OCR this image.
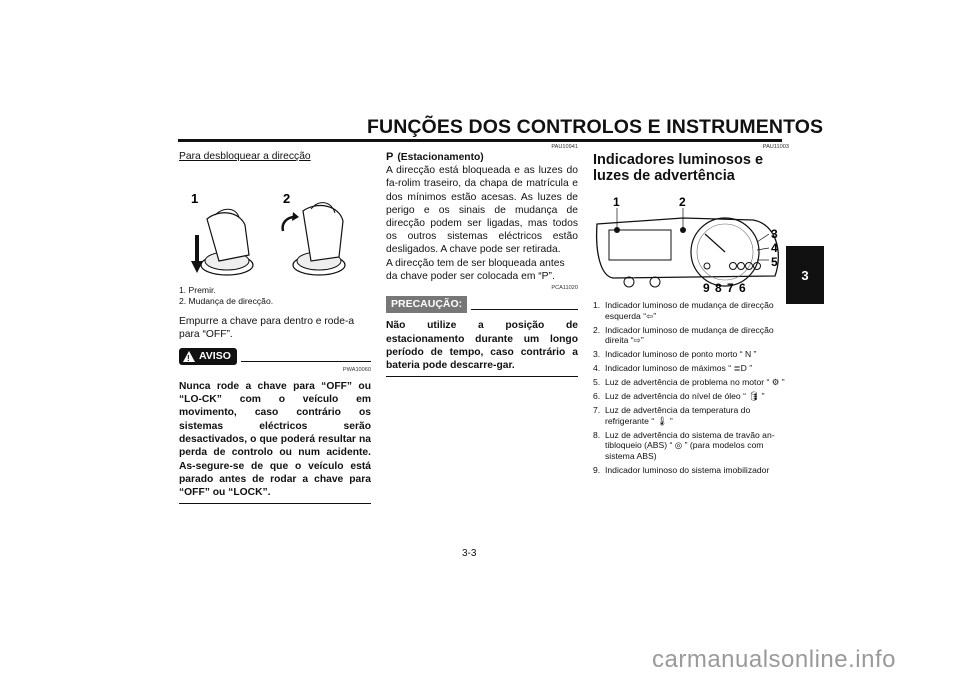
FUNÇÕES DOS CONTROLOS E INSTRUMENTOS
3
Para desbloquear a direcção
1	2
1. Premir.
2. Mudança de direcção.
Empurre a chave para dentro e rode-a para “OFF”.
!
AVISO
PWA10060
Nunca rode a chave para “OFF” ou “LO-CK” com o veículo em movimento, caso contrário os sistemas eléctricos serão desactivados, o que poderá resultar na perda de controlo ou num acidente. As-segure-se de que o veículo está parado antes de rodar a chave para “OFF” ou “LOCK”.
PAU10941
P (Estacionamento)
A direcção está bloqueada e as luzes do fa-rolim traseiro, da chapa de matrícula e dos mínimos estão acesas. As luzes de perigo e os sinais de mudança de direcção podem ser ligadas, mas todos os outros sistemas eléctricos estão desligados. A chave pode ser retirada.
A direcção tem de ser bloqueada antes da chave poder ser colocada em “P”.
PCA11020
PRECAUÇÃO:
Não utilize a posição de estacionamento durante um longo período de tempo, caso contrário a bateria pode descarre-gar.
PAU11003
Indicadores luminosos e luzes de advertência
1	2
3
4
5
9 8 7 6
1. Indicador luminoso de mudança de direcção esquerda “⇦”
2. Indicador luminoso de mudança de direcção direita “⇨”
3. Indicador luminoso de ponto morto “ N ”
4. Indicador luminoso de máximos “ ≣D ”
5. Luz de advertência de problema no motor “ ⚙ ”
6. Luz de advertência do nível de óleo “ 🛢 ”
7. Luz de advertência da temperatura do refrigerante “ 🌡 ”
8. Luz de advertência do sistema de travão an-tibloqueio (ABS) “ ◎ ” (para modelos com sistema ABS)
9. Indicador luminoso do sistema imobilizador
3-3
carmanualsonline.info
